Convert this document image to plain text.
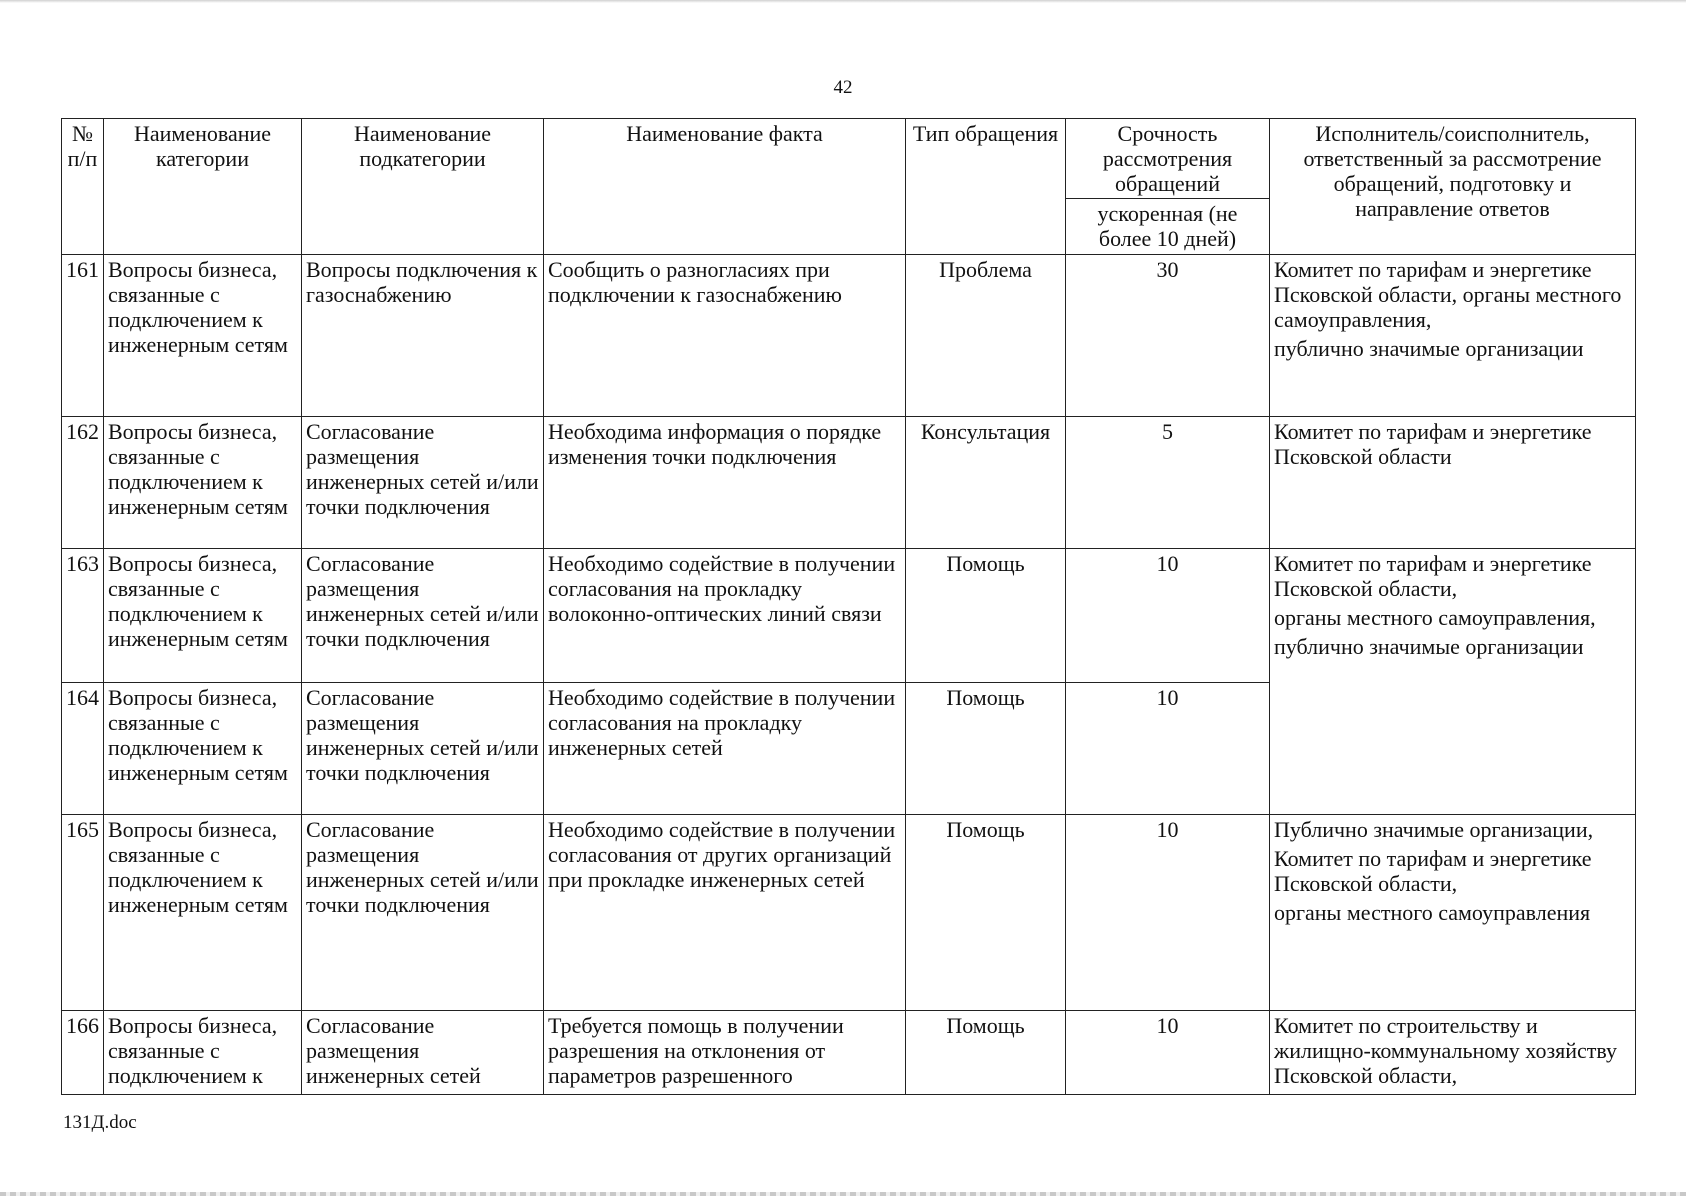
42
№ п/п	Наименование категории	Наименование подкатегории	Наименование факта	Тип обращения	Срочность рассмотрения обращений	Исполнитель/соисполнитель, ответственный за рассмотрение обращений, подготовку и направление ответов
					ускоренная (не более 10 дней)	
161	Вопросы бизнеса, связанные с подключением к инженерным сетям	Вопросы подключения к газоснабжению	Сообщить о разногласиях при подключении к газоснабжению	Проблема	30	Комитет по тарифам и энергетике Псковской области, органы местного самоуправления,
публично значимые организации

162	Вопросы бизнеса, связанные с подключением к инженерным сетям	Согласование размещения инженерных сетей и/или точки подключения	Необходима информация о порядке изменения точки подключения	Консультация	5	Комитет по тарифам и энергетике Псковской области

163	Вопросы бизнеса, связанные с подключением к инженерным сетям	Согласование размещения инженерных сетей и/или точки подключения	Необходимо содействие в получении согласования на прокладку волоконно-оптических линий связи	Помощь	10	Комитет по тарифам и энергетике Псковской области,
органы местного самоуправления,
публично значимые организации

164	Вопросы бизнеса, связанные с подключением к инженерным сетям	Согласование размещения инженерных сетей и/или точки подключения	Необходимо содействие в получении согласования на прокладку инженерных сетей	Помощь	10	
165	Вопросы бизнеса, связанные с подключением к инженерным сетям	Согласование размещения инженерных сетей и/или точки подключения	Необходимо содействие в получении согласования от других организаций при прокладке инженерных сетей	Помощь	10	Публично значимые организации,
Комитет по тарифам и энергетике Псковской области,
органы местного самоуправления

166	Вопросы бизнеса, связанные с подключением к	Согласование размещения инженерных сетей	Требуется помощь в получении разрешения на отклонения от параметров разрешенного	Помощь	10	Комитет по строительству и жилищно-коммунальному хозяйству Псковской области,
131Д.doc
